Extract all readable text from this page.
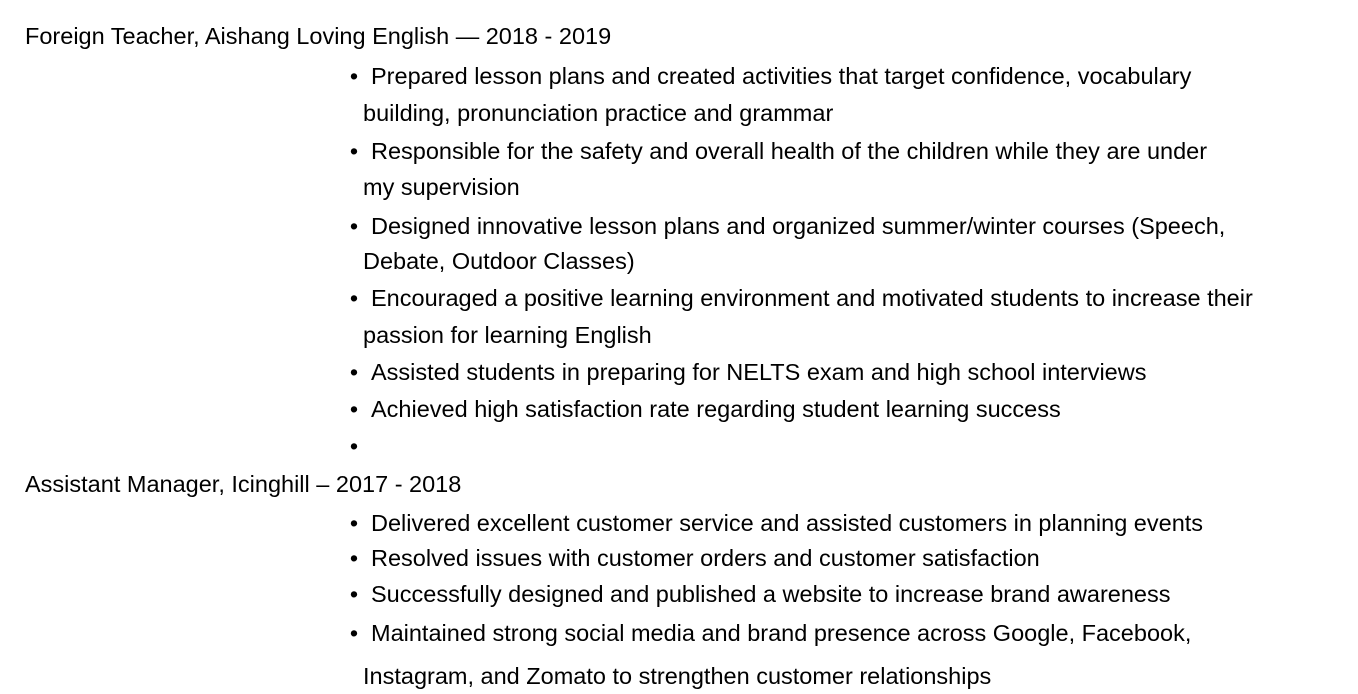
Foreign Teacher, Aishang Loving English — 2018 - 2019
• Prepared lesson plans and created activities that target confidence, vocabulary
building, pronunciation practice and grammar
• Responsible for the safety and overall health of the children while they are under
my supervision
• Designed innovative lesson plans and organized summer/winter courses (Speech,
Debate, Outdoor Classes)
• Encouraged a positive learning environment and motivated students to increase their
passion for learning English
• Assisted students in preparing for NELTS exam and high school interviews
• Achieved high satisfaction rate regarding student learning success
•
Assistant Manager, Icinghill – 2017 - 2018
• Delivered excellent customer service and assisted customers in planning events
• Resolved issues with customer orders and customer satisfaction
• Successfully designed and published a website to increase brand awareness
• Maintained strong social media and brand presence across Google, Facebook,
Instagram, and Zomato to strengthen customer relationships
